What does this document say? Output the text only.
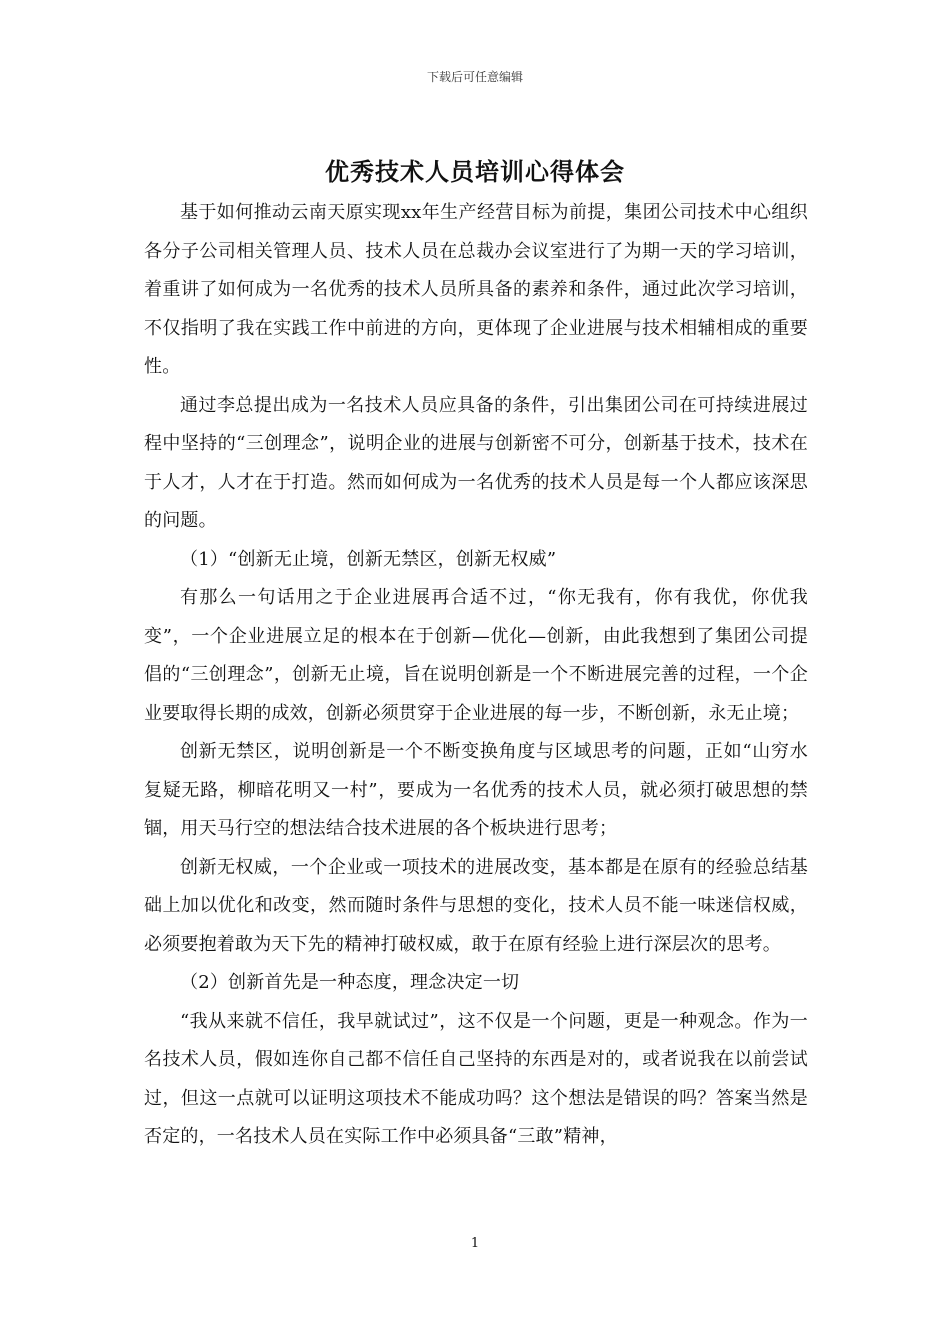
下载后可任意编辑
优秀技术人员培训心得体会

基于如何推动云南天原实现xx年生产经营目标为前提，集团公司技术中心组织各分子公司相关管理人员、技术人员在总裁办会议室进行了为期一天的学习培训，着重讲了如何成为一名优秀的技术人员所具备的素养和条件，通过此次学习培训，不仅指明了我在实践工作中前进的方向，更体现了企业进展与技术相辅相成的重要性。

通过李总提出成为一名技术人员应具备的条件，引出集团公司在可持续进展过程中坚持的“三创理念”，说明企业的进展与创新密不可分，创新基于技术，技术在于人才，人才在于打造。然而如何成为一名优秀的技术人员是每一个人都应该深思的问题。

（1）“创新无止境，创新无禁区，创新无权威”

有那么一句话用之于企业进展再合适不过，“你无我有，你有我优，你优我变”，一个企业进展立足的根本在于创新—优化—创新，由此我想到了集团公司提倡的“三创理念”，创新无止境，旨在说明创新是一个不断进展完善的过程，一个企业要取得长期的成效，创新必须贯穿于企业进展的每一步，不断创新，永无止境；

创新无禁区，说明创新是一个不断变换角度与区域思考的问题，正如“山穷水复疑无路，柳暗花明又一村”，要成为一名优秀的技术人员，就必须打破思想的禁锢，用天马行空的想法结合技术进展的各个板块进行思考；

创新无权威，一个企业或一项技术的进展改变，基本都是在原有的经验总结基础上加以优化和改变，然而随时条件与思想的变化，技术人员不能一味迷信权威，必须要抱着敢为天下先的精神打破权威，敢于在原有经验上进行深层次的思考。

（2）创新首先是一种态度，理念决定一切

“我从来就不信任，我早就试过”，这不仅是一个问题，更是一种观念。作为一名技术人员，假如连你自己都不信任自己坚持的东西是对的，或者说我在以前尝试过，但这一点就可以证明这项技术不能成功吗？这个想法是错误的吗？答案当然是否定的，一名技术人员在实际工作中必须具备“三敢”精神，

1
